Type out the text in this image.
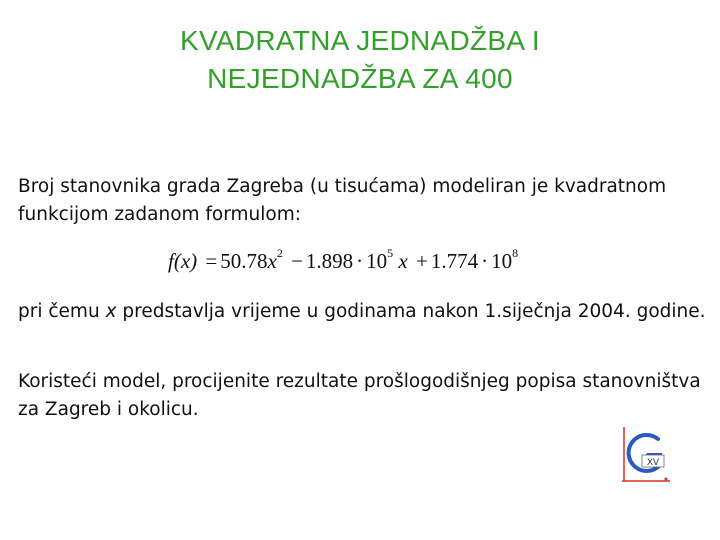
KVADRATNA JEDNADŽBA I
NEJEDNADŽBA ZA 400
Broj stanovnika grada Zagreba (u tisućama) modeliran je kvadratnom funkcijom zadanom formulom:
$f(x) = 50.78x^2 - 1.898 \cdot 10^5$ $x + 1.774 \cdot 10^8$
pri čemu x predstavlja vrijeme u godinama nakon 1.siječnja 2004. godine.
Koristeći model, procijenite rezultate prošlogodišnjeg popisa stanovništva za Zagreb i okolicu.
XV
